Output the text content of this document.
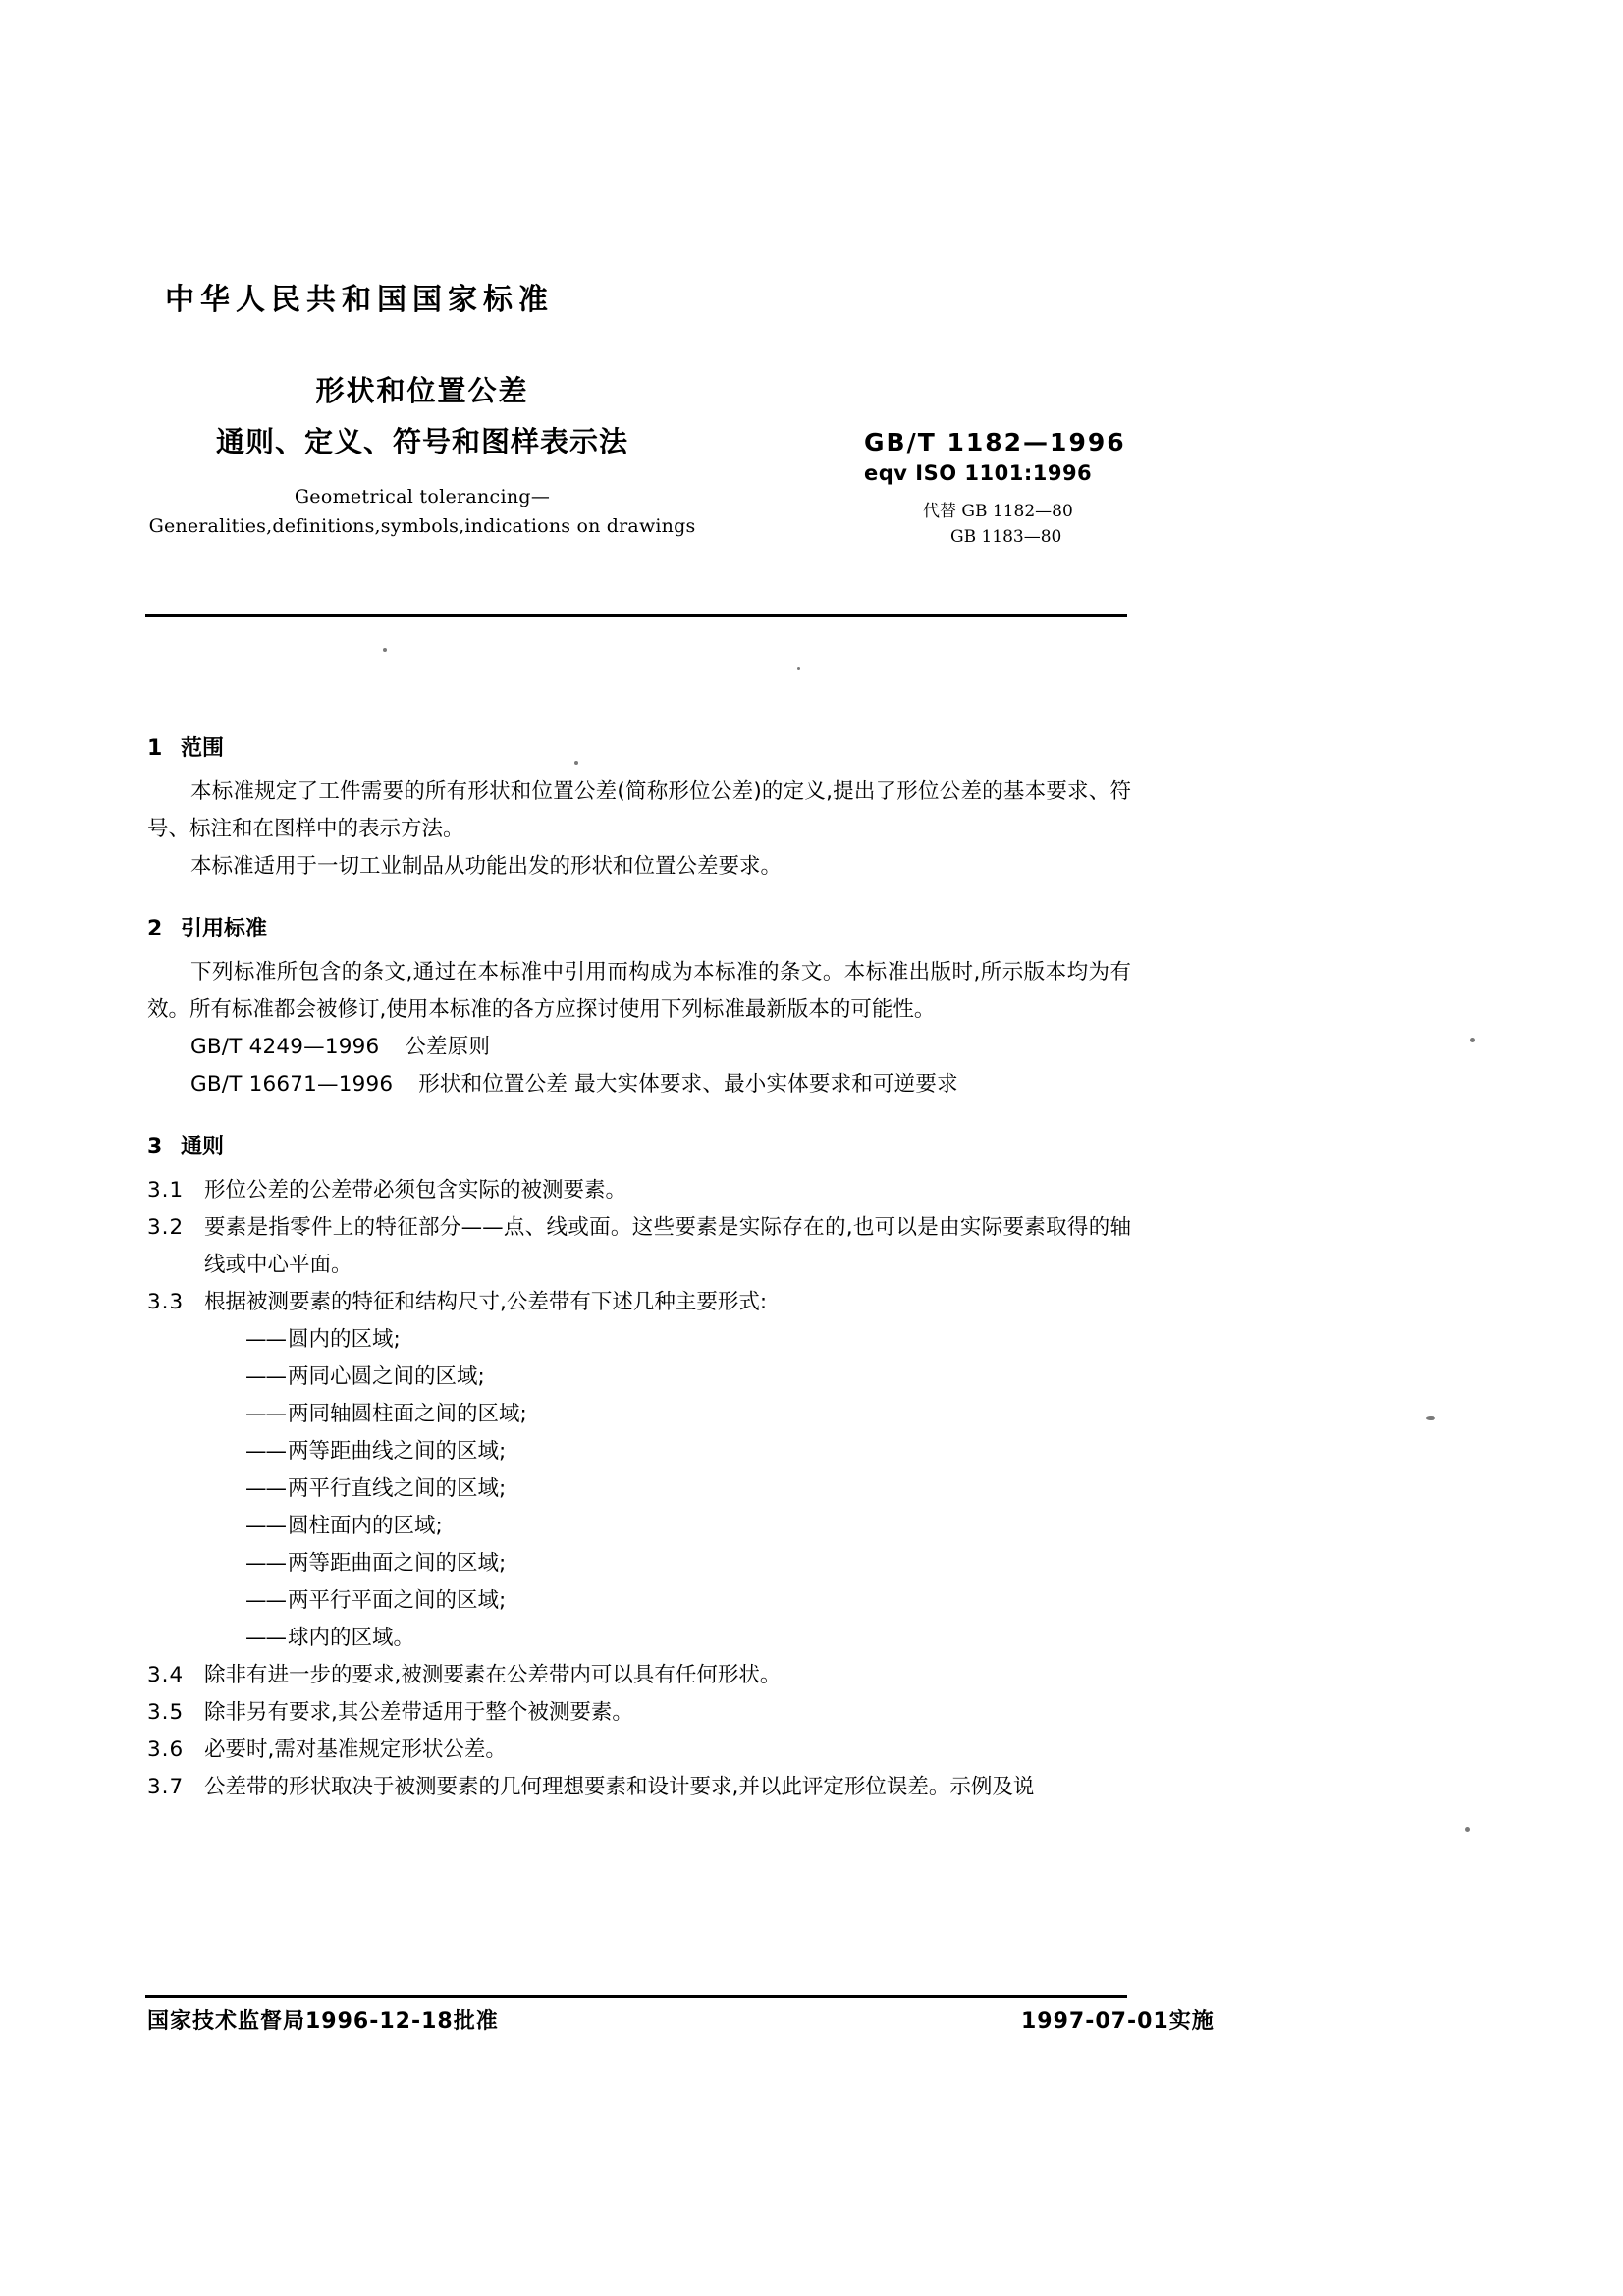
中华人民共和国国家标准
形状和位置公差
通则、定义、符号和图样表示法
Geometrical tolerancing—
Generalities,definitions,symbols,indications on drawings
GB/T 1182—1996
eqv ISO 1101:1996
代替 GB 1182—80
GB 1183—80
1 范围

本标准规定了工件需要的所有形状和位置公差(简称形位公差)的定义,提出了形位公差的基本要求、符号、标注和在图样中的表示方法。

本标准适用于一切工业制品从功能出发的形状和位置公差要求。

2 引用标准

下列标准所包含的条文,通过在本标准中引用而构成为本标准的条文。本标准出版时,所示版本均为有效。所有标准都会被修订,使用本标准的各方应探讨使用下列标准最新版本的可能性。

GB/T 4249—1996 公差原则

GB/T 16671—1996 形状和位置公差 最大实体要求、最小实体要求和可逆要求

3 通则
3.1 形位公差的公差带必须包含实际的被测要素。
3.2 要素是指零件上的特征部分——点、线或面。这些要素是实际存在的,也可以是由实际要素取得的轴线或中心平面。
3.3 根据被测要素的特征和结构尺寸,公差带有下述几种主要形式:

——圆内的区域;

——两同心圆之间的区域;

——两同轴圆柱面之间的区域;

——两等距曲线之间的区域;

——两平行直线之间的区域;

——圆柱面内的区域;

——两等距曲面之间的区域;

——两平行平面之间的区域;

——球内的区域。

3.4 除非有进一步的要求,被测要素在公差带内可以具有任何形状。
3.5 除非另有要求,其公差带适用于整个被测要素。
3.6 必要时,需对基准规定形状公差。
3.7 公差带的形状取决于被测要素的几何理想要素和设计要求,并以此评定形位误差。示例及说
国家技术监督局1996-12-18批准	1997-07-01实施
